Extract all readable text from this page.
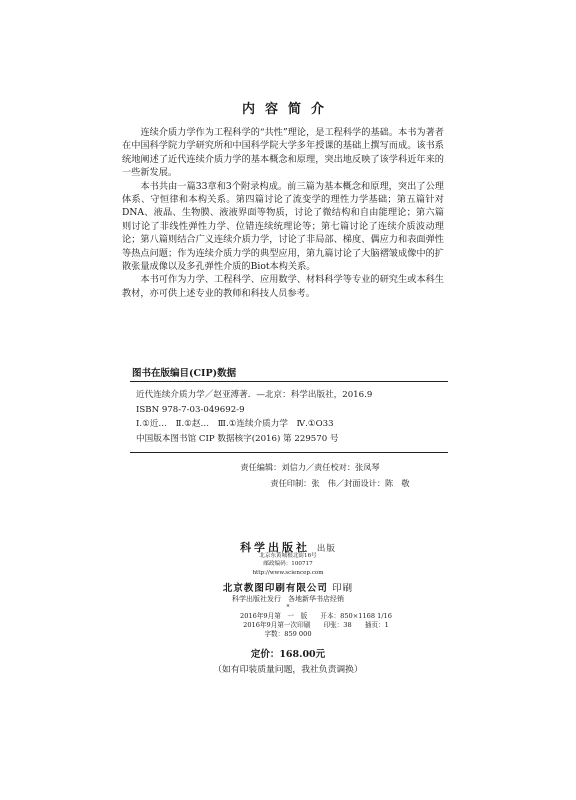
内容简介

连续介质力学作为工程科学的“共性”理论，是工程科学的基础。本书为著者在中国科学院力学研究所和中国科学院大学多年授课的基础上撰写而成。该书系统地阐述了近代连续介质力学的基本概念和原理，突出地反映了该学科近年来的一些新发展。

本书共由一篇33章和3个附录构成。前三篇为基本概念和原理，突出了公理体系、守恒律和本构关系。第四篇讨论了流变学的理性力学基础；第五篇针对DNA、液晶、生物膜、液液界面等物质，讨论了微结构和自由能理论；第六篇则讨论了非线性弹性力学、位错连续统理论等；第七篇讨论了连续介质波动理论；第八篇则结合广义连续介质力学，讨论了非局部、梯度、偶应力和表面弹性等热点问题；作为连续介质力学的典型应用，第九篇讨论了大脑褶皱成像中的扩散张量成像以及多孔弹性介质的Biot本构关系。

本书可作为力学、工程科学、应用数学、材料科学等专业的研究生或本科生教材，亦可供上述专业的教师和科技人员参考。

图书在版编目(CIP)数据
近代连续介质力学／赵亚溥著．—北京：科学出版社，2016.9
ISBN 978-7-03-049692-9
Ⅰ.①近…　Ⅱ.①赵…　Ⅲ.①连续介质力学　Ⅳ.①O33
中国版本图书馆 CIP 数据核字(2016) 第 229570 号
责任编辑：刘信力／责任校对：张凤琴
责任印制：张　伟／封面设计：陈　敬
科学出版社 出版
北京东黄城根北街16号
邮政编码：100717
http://www.sciencep.com
北京教图印刷有限公司 印刷
科学出版社发行　各地新华书店经销
*
2016年9月第　一　版　　开本：850×1168 1/16
2016年9月第一次印刷　　印张：38　　插页：1
字数：859 000
定价：168.00元
（如有印装质量问题，我社负责调换）
